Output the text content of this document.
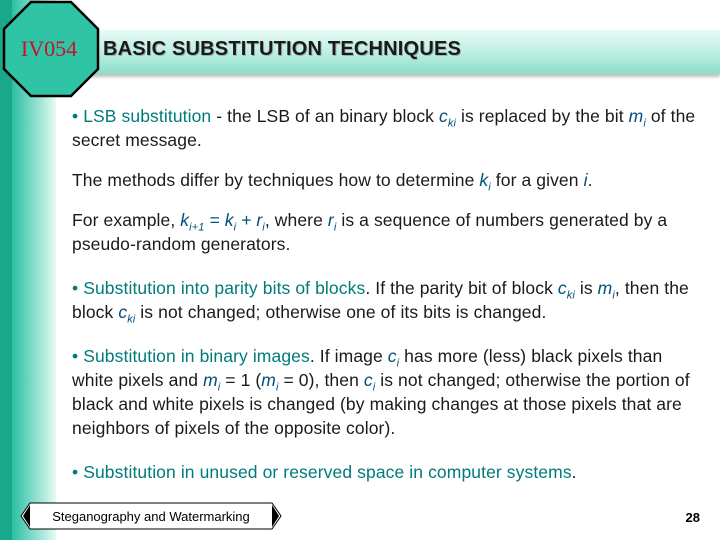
IV054	BASIC SUBSTITUTION TECHNIQUES

• LSB substitution - the LSB of an binary block $c_{ki}$ is replaced by the bit $m_i$ of the secret message.

The methods differ by techniques how to determine $k_i$ for a given i.

For example, $k_{i+1} = k_i + r_i$, where $r_i$ is a sequence of numbers generated by a pseudo-random generators.

• Substitution into parity bits of blocks. If the parity bit of block $c_{ki}$ is $m_i$, then the block $c_{ki}$ is not changed; otherwise one of its bits is changed.

• Substitution in binary images. If image $c_i$ has more (less) black pixels than white pixels and $m_i = 1$ $(m_i = 0)$, then $c_i$ is not changed; otherwise the portion of black and white pixels is changed (by making changes at those pixels that are neighbors of pixels of the opposite color).

• Substitution in unused or reserved space in computer systems.

Steganography and Watermarking	28
